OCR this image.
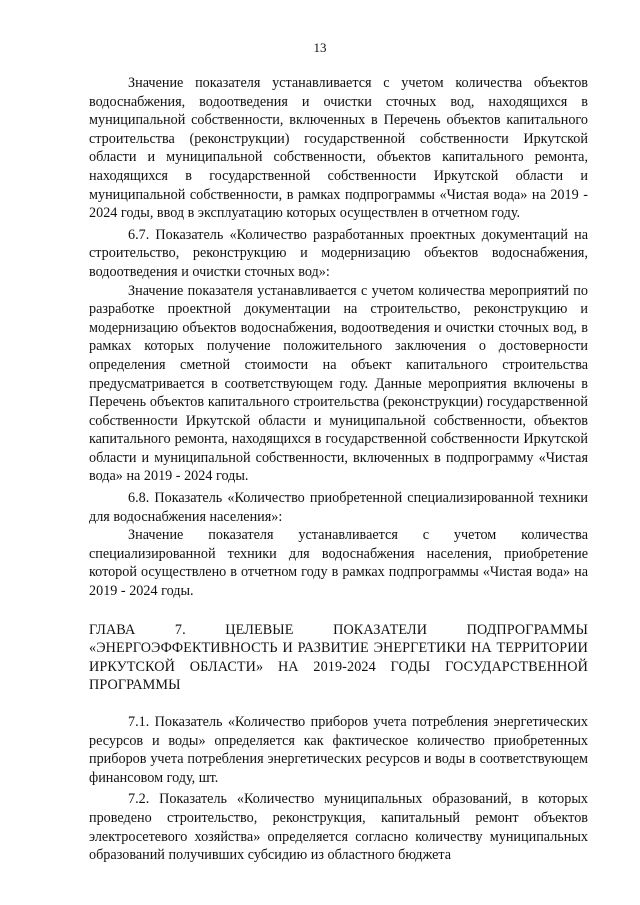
13

Значение показателя устанавливается с учетом количества объектов водоснабжения, водоотведения и очистки сточных вод, находящихся в муниципальной собственности, включенных в Перечень объектов капитального строительства (реконструкции) государственной собственности Иркутской области и муниципальной собственности, объектов капитального ремонта, находящихся в государственной собственности Иркутской области и муниципальной собственности, в рамках подпрограммы «Чистая вода» на 2019 - 2024 годы, ввод в эксплуатацию которых осуществлен в отчетном году.

6.7. Показатель «Количество разработанных проектных документаций на строительство, реконструкцию и модернизацию объектов водоснабжения, водоотведения и очистки сточных вод»:

Значение показателя устанавливается с учетом количества мероприятий по разработке проектной документации на строительство, реконструкцию и модернизацию объектов водоснабжения, водоотведения и очистки сточных вод, в рамках которых получение положительного заключения о достоверности определения сметной стоимости на объект капитального строительства предусматривается в соответствующем году. Данные мероприятия включены в Перечень объектов капитального строительства (реконструкции) государственной собственности Иркутской области и муниципальной собственности, объектов капитального ремонта, находящихся в государственной собственности Иркутской области и муниципальной собственности, включенных в подпрограмму «Чистая вода» на 2019 - 2024 годы.

6.8. Показатель «Количество приобретенной специализированной техники для водоснабжения населения»:

Значение показателя устанавливается с учетом количества специализированной техники для водоснабжения населения, приобретение которой осуществлено в отчетном году в рамках подпрограммы «Чистая вода» на 2019 - 2024 годы.

ГЛАВА 7. ЦЕЛЕВЫЕ ПОКАЗАТЕЛИ ПОДПРОГРАММЫ «ЭНЕРГОЭФФЕКТИВНОСТЬ И РАЗВИТИЕ ЭНЕРГЕТИКИ НА ТЕРРИТОРИИ ИРКУТСКОЙ ОБЛАСТИ» НА 2019-2024 ГОДЫ ГОСУДАРСТВЕННОЙ ПРОГРАММЫ

7.1. Показатель «Количество приборов учета потребления энергетических ресурсов и воды» определяется как фактическое количество приобретенных приборов учета потребления энергетических ресурсов и воды в соответствующем финансовом году, шт.

7.2. Показатель «Количество муниципальных образований, в которых проведено строительство, реконструкция, капитальный ремонт объектов электросетевого хозяйства» определяется согласно количеству муниципальных образований получивших субсидию из областного бюджета
